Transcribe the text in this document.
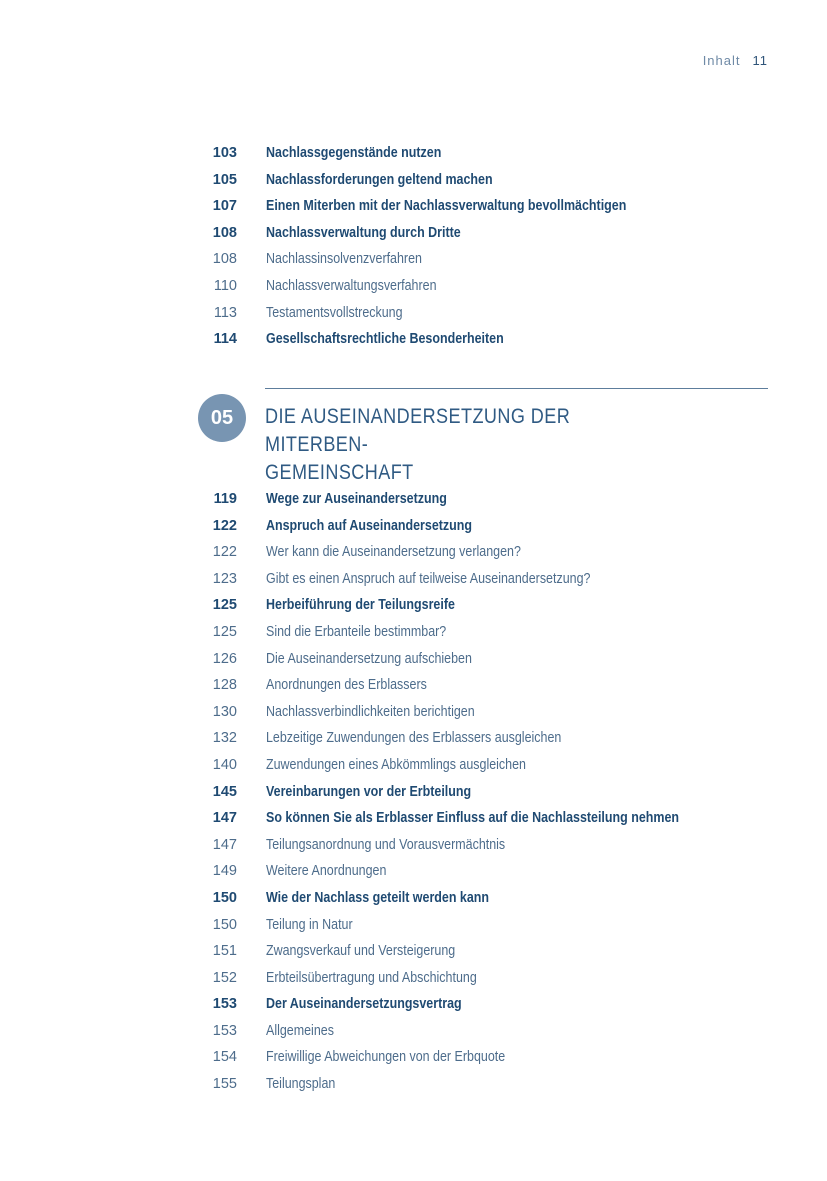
Inhalt 11
103 Nachlassgegenstände nutzen
105 Nachlassforderungen geltend machen
107 Einen Miterben mit der Nachlassverwaltung bevollmächtigen
108 Nachlassverwaltung durch Dritte
108 Nachlassinsolvenzverfahren
110 Nachlassverwaltungsverfahren
113 Testamentsvollstreckung
114 Gesellschaftsrechtliche Besonderheiten
05	DIE AUSEINANDERSETZUNG DER MITERBEN-
GEMEINSCHAFT
119 Wege zur Auseinandersetzung
122 Anspruch auf Auseinandersetzung
122 Wer kann die Auseinandersetzung verlangen?
123 Gibt es einen Anspruch auf teilweise Auseinandersetzung?
125 Herbeiführung der Teilungsreife
125 Sind die Erbanteile bestimmbar?
126 Die Auseinandersetzung aufschieben
128 Anordnungen des Erblassers
130 Nachlassverbindlichkeiten berichtigen
132 Lebzeitige Zuwendungen des Erblassers ausgleichen
140 Zuwendungen eines Abkömmlings ausgleichen
145 Vereinbarungen vor der Erbteilung
147 So können Sie als Erblasser Einfluss auf die Nachlassteilung nehmen
147 Teilungsanordnung und Vorausvermächtnis
149 Weitere Anordnungen
150 Wie der Nachlass geteilt werden kann
150 Teilung in Natur
151 Zwangsverkauf und Versteigerung
152 Erbteilsübertragung und Abschichtung
153 Der Auseinandersetzungsvertrag
153 Allgemeines
154 Freiwillige Abweichungen von der Erbquote
155 Teilungsplan
